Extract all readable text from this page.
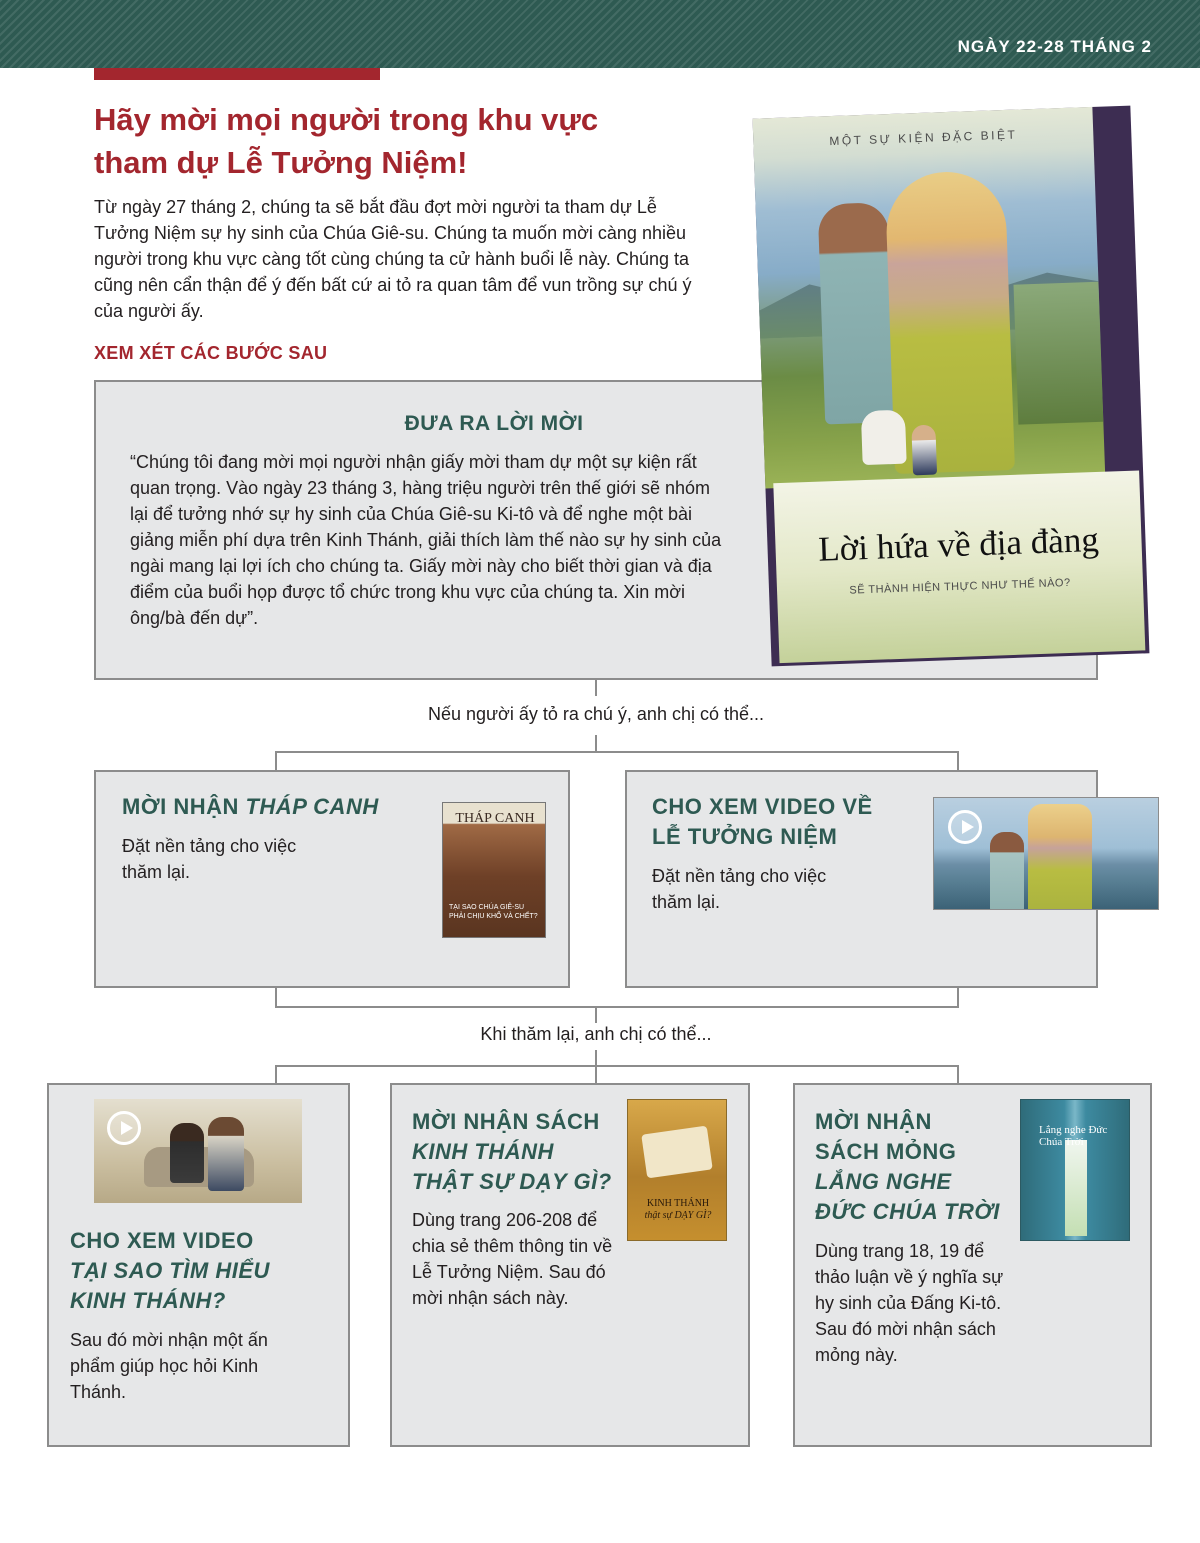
NGÀY 22-28 THÁNG 2
Hãy mời mọi người trong khu vực
tham dự Lễ Tưởng Niệm!

Từ ngày 27 tháng 2, chúng ta sẽ bắt đầu đợt mời người ta tham dự Lễ Tưởng Niệm sự hy sinh của Chúa Giê-su. Chúng ta muốn mời càng nhiều người trong khu vực càng tốt cùng chúng ta cử hành buổi lễ này. Chúng ta cũng nên cẩn thận để ý đến bất cứ ai tỏ ra quan tâm để vun trồng sự chú ý của người ấy.

XEM XÉT CÁC BƯỚC SAU
ĐƯA RA LỜI MỜI

“Chúng tôi đang mời mọi người nhận giấy mời tham dự một sự kiện rất quan trọng. Vào ngày 23 tháng 3, hàng triệu người trên thế giới sẽ nhóm lại để tưởng nhớ sự hy sinh của Chúa Giê-su Ki-tô và để nghe một bài giảng miễn phí dựa trên Kinh Thánh, giải thích làm thế nào sự hy sinh của ngài mang lại lợi ích cho chúng ta. Giấy mời này cho biết thời gian và địa điểm của buổi họp được tổ chức trong khu vực của chúng ta. Xin mời ông/bà đến dự”.

MỘT SỰ KIỆN ĐẶC BIỆT
Lời hứa về địa đàng
SẼ THÀNH HIỆN THỰC NHƯ THẾ NÀO?
Nếu người ấy tỏ ra chú ý, anh chị có thể...
MỜI NHẬN THÁP CANH

Đặt nền tảng cho việc thăm lại.

THÁP CANH
TẠI SAO CHÚA GIÊ-SU PHẢI CHỊU KHỔ VÀ CHẾT?
CHO XEM VIDEO VỀ
LỄ TƯỞNG NIỆM

Đặt nền tảng cho việc thăm lại.

Khi thăm lại, anh chị có thể...
CHO XEM VIDEO
TẠI SAO TÌM HIỂU
KINH THÁNH?

Sau đó mời nhận một ấn phẩm giúp học hỏi Kinh Thánh.

MỜI NHẬN SÁCH
KINH THÁNH
THẬT SỰ DẠY GÌ?

Dùng trang 206-208 để chia sẻ thêm thông tin về Lễ Tưởng Niệm. Sau đó mời nhận sách này.

KINH THÁNH
thật sự DẠY GÌ?
MỜI NHẬN
SÁCH MỎNG
LẮNG NGHE
ĐỨC CHÚA TRỜI

Dùng trang 18, 19 để thảo luận về ý nghĩa sự hy sinh của Đấng Ki-tô. Sau đó mời nhận sách mỏng này.

Lắng nghe Đức Chúa Trời
